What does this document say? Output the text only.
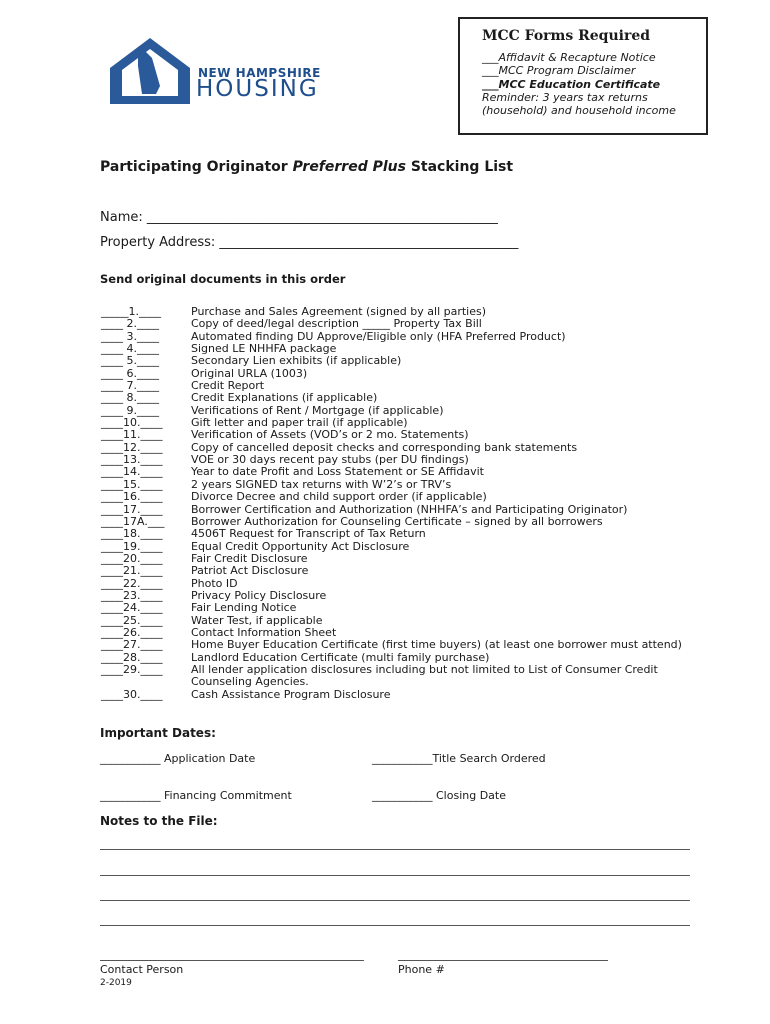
NEW HAMPSHIRE
HOUSING
MCC Forms Required
___Affidavit & Recapture Notice
___MCC Program Disclaimer
___MCC Education Certificate
Reminder: 3 years tax returns
(household) and household income
Participating Originator Preferred Plus Stacking List
Name: ______________________________________________________
Property Address: ______________________________________________
Send original documents in this order
_____1.____	Purchase and Sales Agreement (signed by all parties)
____ 2.____	Copy of deed/legal description _____ Property Tax Bill
____ 3.____	Automated finding DU Approve/Eligible only (HFA Preferred Product)
____ 4.____	Signed LE NHHFA package
____ 5.____	Secondary Lien exhibits (if applicable)
____ 6.____	Original URLA (1003)
____ 7.____	Credit Report
____ 8.____	Credit Explanations (if applicable)
____ 9.____	Verifications of Rent / Mortgage (if applicable)
____10.____	Gift letter and paper trail (if applicable)
____11.____	Verification of Assets (VOD’s or 2 mo. Statements)
____12.____	Copy of cancelled deposit checks and corresponding bank statements
____13.____	VOE or 30 days recent pay stubs (per DU findings)
____14.____	Year to date Profit and Loss Statement or SE Affidavit
____15.____	2 years SIGNED tax returns with W’2’s or TRV’s
____16.____	Divorce Decree and child support order (if applicable)
____17.____	Borrower Certification and Authorization (NHHFA’s and Participating Originator)
____17A.___	Borrower Authorization for Counseling Certificate – signed by all borrowers
____18.____	4506T Request for Transcript of Tax Return
____19.____	Equal Credit Opportunity Act Disclosure
____20.____	Fair Credit Disclosure
____21.____	Patriot Act Disclosure
____22.____	Photo ID
____23.____	Privacy Policy Disclosure
____24.____	Fair Lending Notice
____25.____	Water Test, if applicable
____26.____	Contact Information Sheet
____27.____	Home Buyer Education Certificate (first time buyers) (at least one borrower must attend)
____28.____	Landlord Education Certificate (multi family purchase)
____29.____	All lender application disclosures including but not limited to List of Consumer Credit Counseling Agencies.
____30.____	Cash Assistance Program Disclosure
Important Dates:
___________ Application Date	___________Title Search Ordered
___________ Financing Commitment	___________ Closing Date
Notes to the File:
Contact Person	Phone #
2-2019
